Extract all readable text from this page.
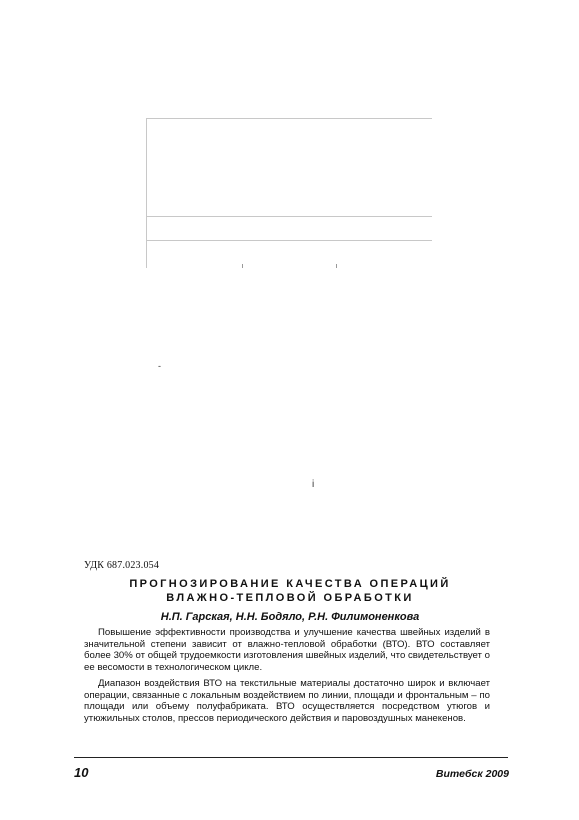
-
i
УДК 687.023.054
ПРОГНОЗИРОВАНИЕ КАЧЕСТВА ОПЕРАЦИЙ
ВЛАЖНО-ТЕПЛОВОЙ ОБРАБОТКИ
Н.П. Гарская, Н.Н. Бодяло, Р.Н. Филимоненкова

Повышение эффективности производства и улучшение качества швейных изделий в значительной степени зависит от влажно-тепловой обработки (ВТО). ВТО составляет более 30% от общей трудоемкости изготовления швейных изделий, что свидетельствует о ее весомости в технологическом цикле.

Диапазон воздействия ВТО на текстильные материалы достаточно широк и включает операции, связанные с локальным воздействием по линии, площади и фронтальным – по площади или объему полуфабриката. ВТО осуществляется посредством утюгов и утюжильных столов, прессов периодического действия и паровоздушных манекенов.

10	Витебск 2009
